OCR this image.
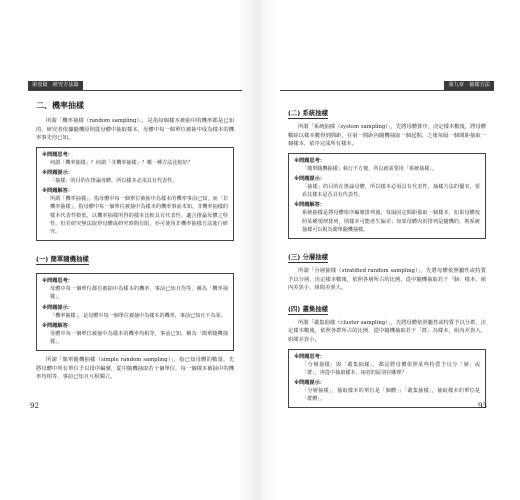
第壹篇　研究方法篇	第九章　抽樣方法
二、機率抽樣

所謂「機率抽樣（random sampling）」，是指每個樣本被抽中的機率都是已知的，研究者依據隨機原則從母體中抽取樣本，母體中每一個單位被抽中成為樣本的機率事先均已知。

※問題思考：
何謂「機率抽樣」？何謂「非機率抽樣」？哪一種方法比較好？
※問題提示：
「抽樣」的目的在推論母體，所以樣本必須具有代表性。
※問題解答：
所謂「機率抽樣」，指母體中每一個單位被抽中為樣本的機率事前已知，而「非機率抽樣」，指母體中每一個單位被抽中為樣本的機率事前未知。非機率抽樣的樣本代表性較低，以機率抽樣所得的樣本比較具有代表性，適合推論母體之特性。但若研究無法取得母體或研究時間有限，亦可使用非機率抽樣方法進行研究。
(一) 簡單隨機抽樣
※問題思考：
母體中每一個單位都有被抽中為樣本的機率，事前已知且均等，稱為「機率抽樣」。
※問題提示：
「機率抽樣」，是母體中每一個單位被抽中為樣本的機率，事前已知且不為零。
※問題解答：
母體中每一個單位被抽中為樣本的機率均相等，事前已知，稱為「簡單隨機抽樣」。

所謂「簡單隨機抽樣（simple random sampling）」，指已知母體的數量，先將母體中所有單位予以排序編號，從中隨機抽取若干個單位，每一個樣本被抽中的機率均相等，事前已知且互相獨立。

92
(二) 系統抽樣

所謂「系統抽樣（system sampling）」，先將母體排序，決定樣本數後，將母體數除以樣本數得到間距，在第一間距內隨機抽取一個起點，之後每隔一個間距抽取一個樣本，依序完成所有樣本。

※問題思考：
「簡單隨機抽樣」執行不方便，所以就需要用「系統抽樣」。
※問題提示：
「抽樣」的目的在推論母體，所以樣本必須具有代表性，抽樣方法的優劣，要看其樣本是否具有代表性。
※問題解答：
系統抽樣是將母體依序編號排列後，每隔固定間距抽取一個樣本，如果母體按照某種規律排列，則樣本可能產生偏差；如果母體內的排列是隨機的，則系統抽樣可以視為簡單隨機抽樣。
(三) 分層抽樣

所謂「分層抽樣（stratified random sampling）」，先將母體依照屬性或特質予以分層，決定樣本數後，依照各層所占的比例，從中隨機抽取若干「個」樣本，組內差異小，組間差異大。

(四) 叢集抽樣

所謂「叢集抽樣（cluster sampling）」，先將母體依照屬性或特質予以分群，決定樣本數後，依照各群所占的比例，從中隨機抽取若干「群」為樣本，組內差異大，組間差異小。

※問題思考：
「分層抽樣」與「叢集抽樣」，都是將母體依照某些特質予以分「層」或「群」，再從中抽取樣本，兩者的區別在哪裡？
※問題提示：
「分層抽樣」，抽取樣本的單位是「個體」；「叢集抽樣」，抽取樣本的單位是「群體」。
93
